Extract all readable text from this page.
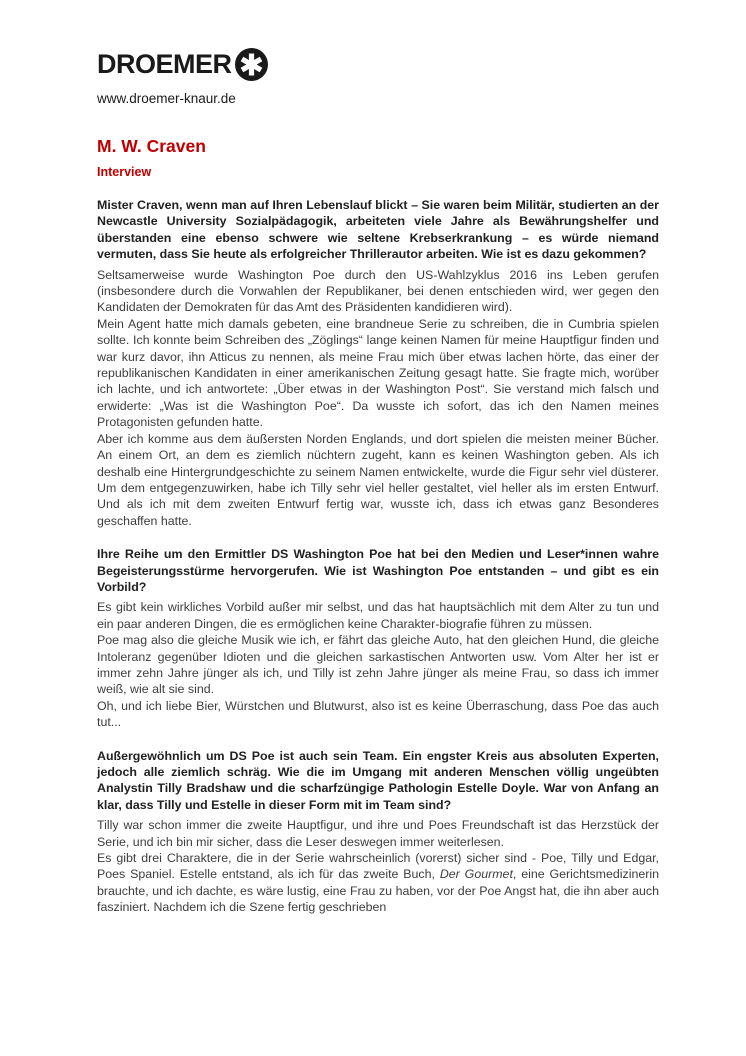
DROEMER
www.droemer-knaur.de
M. W. Craven
Interview

Mister Craven, wenn man auf Ihren Lebenslauf blickt – Sie waren beim Militär, studierten an der Newcastle University Sozialpädagogik, arbeiteten viele Jahre als Bewährungshelfer und überstanden eine ebenso schwere wie seltene Krebserkrankung – es würde niemand vermuten, dass Sie heute als erfolgreicher Thrillerautor arbeiten. Wie ist es dazu gekommen?

Seltsamerweise wurde Washington Poe durch den US-Wahlzyklus 2016 ins Leben gerufen (insbesondere durch die Vorwahlen der Republikaner, bei denen entschieden wird, wer gegen den Kandidaten der Demokraten für das Amt des Präsidenten kandidieren wird).

Mein Agent hatte mich damals gebeten, eine brandneue Serie zu schreiben, die in Cumbria spielen sollte. Ich konnte beim Schreiben des „Zöglings“ lange keinen Namen für meine Hauptfigur finden und war kurz davor, ihn Atticus zu nennen, als meine Frau mich über etwas lachen hörte, das einer der republikanischen Kandidaten in einer amerikanischen Zeitung gesagt hatte. Sie fragte mich, worüber ich lachte, und ich antwortete: „Über etwas in der Washington Post“. Sie verstand mich falsch und erwiderte: „Was ist die Washington Poe“. Da wusste ich sofort, das ich den Namen meines Protagonisten gefunden hatte.

Aber ich komme aus dem äußersten Norden Englands, und dort spielen die meisten meiner Bücher. An einem Ort, an dem es ziemlich nüchtern zugeht, kann es keinen Washington geben. Als ich deshalb eine Hintergrundgeschichte zu seinem Namen entwickelte, wurde die Figur sehr viel düsterer. Um dem entgegenzuwirken, habe ich Tilly sehr viel heller gestaltet, viel heller als im ersten Entwurf. Und als ich mit dem zweiten Entwurf fertig war, wusste ich, dass ich etwas ganz Besonderes geschaffen hatte.

Ihre Reihe um den Ermittler DS Washington Poe hat bei den Medien und Leser*innen wahre Begeisterungsstürme hervorgerufen. Wie ist Washington Poe entstanden – und gibt es ein Vorbild?

Es gibt kein wirkliches Vorbild außer mir selbst, und das hat hauptsächlich mit dem Alter zu tun und ein paar anderen Dingen, die es ermöglichen keine Charakter-biografie führen zu müssen.

Poe mag also die gleiche Musik wie ich, er fährt das gleiche Auto, hat den gleichen Hund, die gleiche Intoleranz gegenüber Idioten und die gleichen sarkastischen Antworten usw. Vom Alter her ist er immer zehn Jahre jünger als ich, und Tilly ist zehn Jahre jünger als meine Frau, so dass ich immer weiß, wie alt sie sind.

Oh, und ich liebe Bier, Würstchen und Blutwurst, also ist es keine Überraschung, dass Poe das auch tut...

Außergewöhnlich um DS Poe ist auch sein Team. Ein engster Kreis aus absoluten Experten, jedoch alle ziemlich schräg. Wie die im Umgang mit anderen Menschen völlig ungeübten Analystin Tilly Bradshaw und die scharfzüngige Pathologin Estelle Doyle. War von Anfang an klar, dass Tilly und Estelle in dieser Form mit im Team sind?

Tilly war schon immer die zweite Hauptfigur, und ihre und Poes Freundschaft ist das Herzstück der Serie, und ich bin mir sicher, dass die Leser deswegen immer weiterlesen.

Es gibt drei Charaktere, die in der Serie wahrscheinlich (vorerst) sicher sind - Poe, Tilly und Edgar, Poes Spaniel. Estelle entstand, als ich für das zweite Buch, Der Gourmet, eine Gerichtsmedizinerin brauchte, und ich dachte, es wäre lustig, eine Frau zu haben, vor der Poe Angst hat, die ihn aber auch fasziniert. Nachdem ich die Szene fertig geschrieben
